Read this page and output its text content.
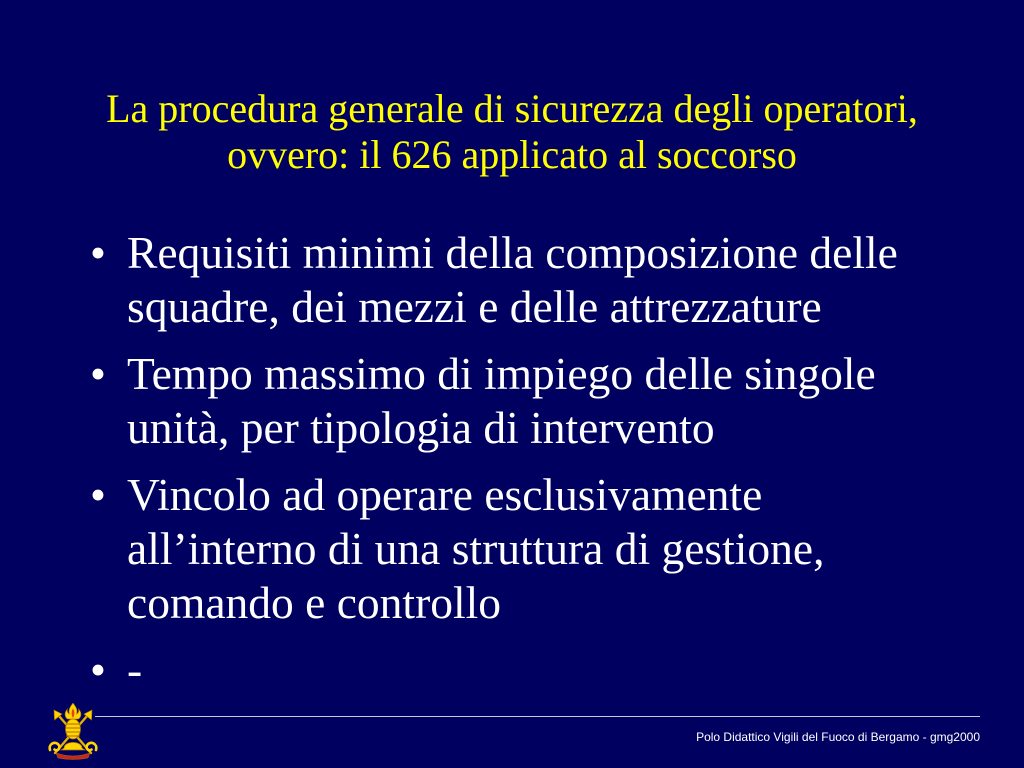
La procedura generale di sicurezza degli operatori,
ovvero: il 626 applicato al soccorso
• Requisiti minimi della composizione delle squadre, dei mezzi e delle attrezzature
• Tempo massimo di impiego delle singole unità, per tipologia di intervento
• Vincolo ad operare esclusivamente all’interno di una struttura di gestione, comando e controllo
• -
Polo Didattico Vigili del Fuoco di Bergamo - gmg2000
